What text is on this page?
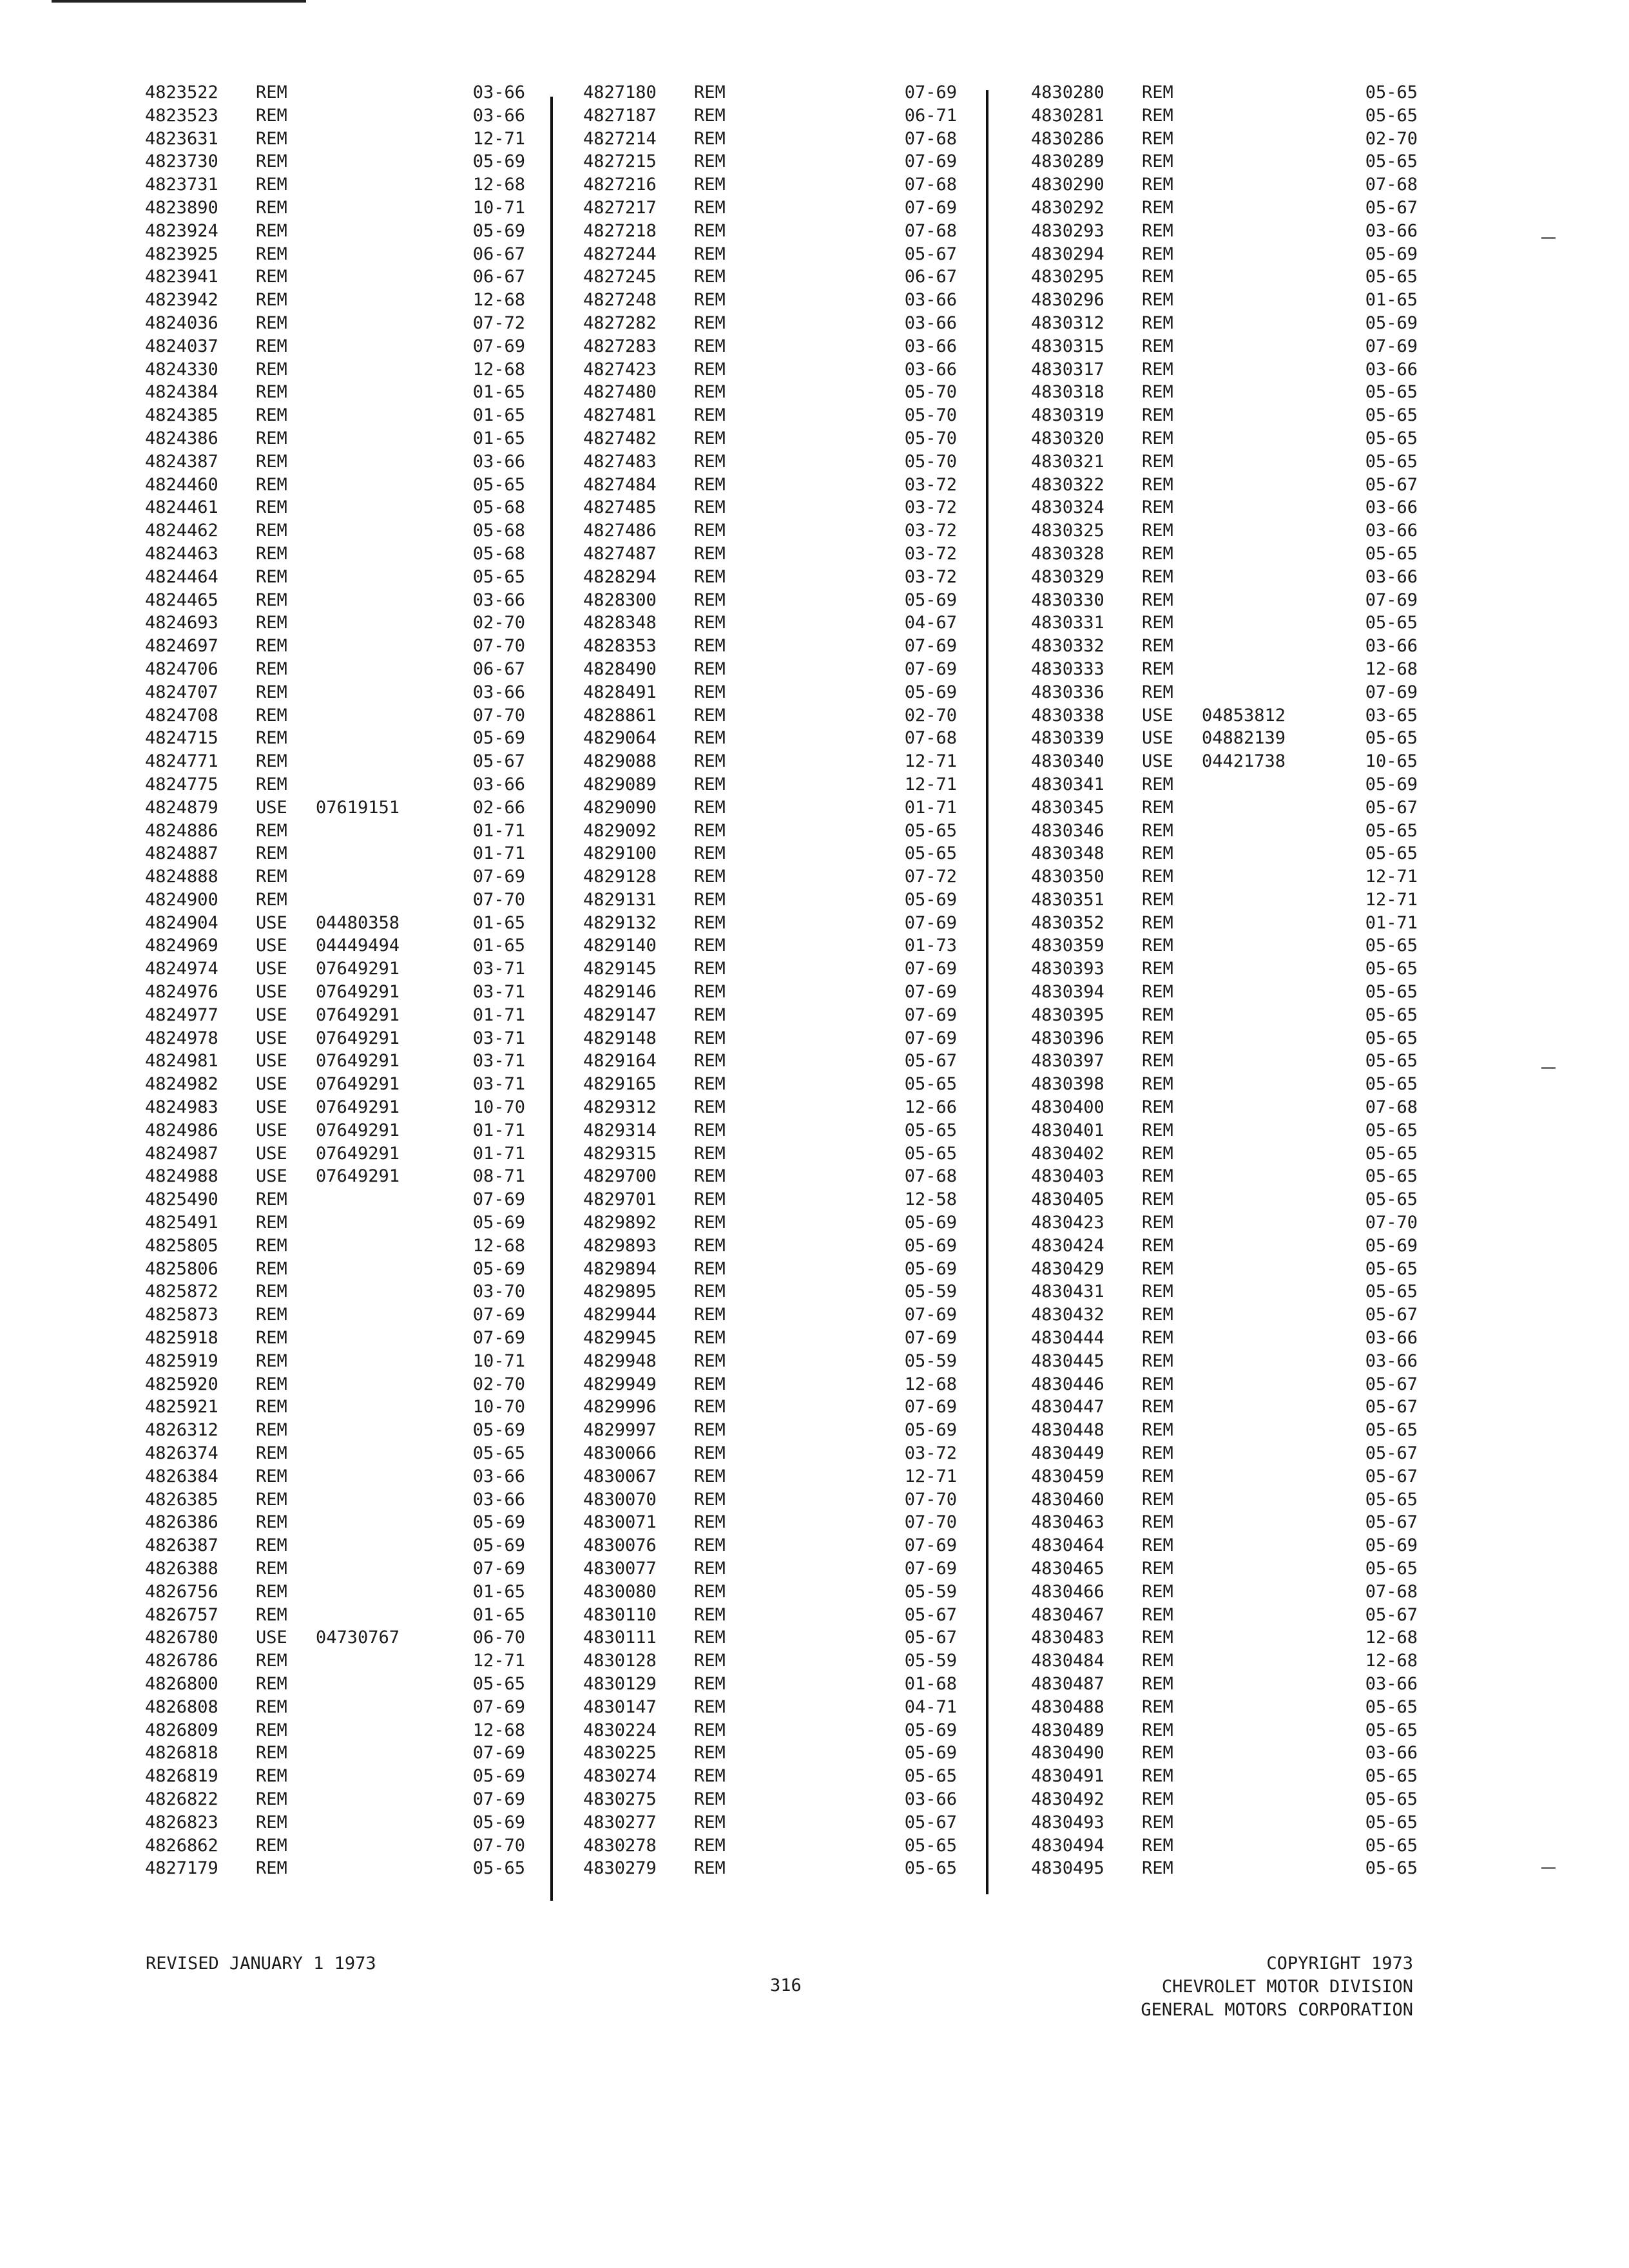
4823522 REM	03-66
4823523 REM	03-66
4823631 REM	12-71
4823730 REM	05-69
4823731 REM	12-68
4823890 REM	10-71
4823924 REM	05-69
4823925 REM	06-67
4823941 REM	06-67
4823942 REM	12-68
4824036 REM	07-72
4824037 REM	07-69
4824330 REM	12-68
4824384 REM	01-65
4824385 REM	01-65
4824386 REM	01-65
4824387 REM	03-66
4824460 REM	05-65
4824461 REM	05-68
4824462 REM	05-68
4824463 REM	05-68
4824464 REM	05-65
4824465 REM	03-66
4824693 REM	02-70
4824697 REM	07-70
4824706 REM	06-67
4824707 REM	03-66
4824708 REM	07-70
4824715 REM	05-69
4824771 REM	05-67
4824775 REM	03-66
4824879 USE 07619151	02-66
4824886 REM	01-71
4824887 REM	01-71
4824888 REM	07-69
4824900 REM	07-70
4824904 USE 04480358	01-65
4824969 USE 04449494	01-65
4824974 USE 07649291	03-71
4824976 USE 07649291	03-71
4824977 USE 07649291	01-71
4824978 USE 07649291	03-71
4824981 USE 07649291	03-71
4824982 USE 07649291	03-71
4824983 USE 07649291	10-70
4824986 USE 07649291	01-71
4824987 USE 07649291	01-71
4824988 USE 07649291	08-71
4825490 REM	07-69
4825491 REM	05-69
4825805 REM	12-68
4825806 REM	05-69
4825872 REM	03-70
4825873 REM	07-69
4825918 REM	07-69
4825919 REM	10-71
4825920 REM	02-70
4825921 REM	10-70
4826312 REM	05-69
4826374 REM	05-65
4826384 REM	03-66
4826385 REM	03-66
4826386 REM	05-69
4826387 REM	05-69
4826388 REM	07-69
4826756 REM	01-65
4826757 REM	01-65
4826780 USE 04730767	06-70
4826786 REM	12-71
4826800 REM	05-65
4826808 REM	07-69
4826809 REM	12-68
4826818 REM	07-69
4826819 REM	05-69
4826822 REM	07-69
4826823 REM	05-69
4826862 REM	07-70
4827179 REM	05-65
4827180 REM	07-69
4827187 REM	06-71
4827214 REM	07-68
4827215 REM	07-69
4827216 REM	07-68
4827217 REM	07-69
4827218 REM	07-68
4827244 REM	05-67
4827245 REM	06-67
4827248 REM	03-66
4827282 REM	03-66
4827283 REM	03-66
4827423 REM	03-66
4827480 REM	05-70
4827481 REM	05-70
4827482 REM	05-70
4827483 REM	05-70
4827484 REM	03-72
4827485 REM	03-72
4827486 REM	03-72
4827487 REM	03-72
4828294 REM	03-72
4828300 REM	05-69
4828348 REM	04-67
4828353 REM	07-69
4828490 REM	07-69
4828491 REM	05-69
4828861 REM	02-70
4829064 REM	07-68
4829088 REM	12-71
4829089 REM	12-71
4829090 REM	01-71
4829092 REM	05-65
4829100 REM	05-65
4829128 REM	07-72
4829131 REM	05-69
4829132 REM	07-69
4829140 REM	01-73
4829145 REM	07-69
4829146 REM	07-69
4829147 REM	07-69
4829148 REM	07-69
4829164 REM	05-67
4829165 REM	05-65
4829312 REM	12-66
4829314 REM	05-65
4829315 REM	05-65
4829700 REM	07-68
4829701 REM	12-58
4829892 REM	05-69
4829893 REM	05-69
4829894 REM	05-69
4829895 REM	05-59
4829944 REM	07-69
4829945 REM	07-69
4829948 REM	05-59
4829949 REM	12-68
4829996 REM	07-69
4829997 REM	05-69
4830066 REM	03-72
4830067 REM	12-71
4830070 REM	07-70
4830071 REM	07-70
4830076 REM	07-69
4830077 REM	07-69
4830080 REM	05-59
4830110 REM	05-67
4830111 REM	05-67
4830128 REM	05-59
4830129 REM	01-68
4830147 REM	04-71
4830224 REM	05-69
4830225 REM	05-69
4830274 REM	05-65
4830275 REM	03-66
4830277 REM	05-67
4830278 REM	05-65
4830279 REM	05-65
4830280 REM	05-65
4830281 REM	05-65
4830286 REM	02-70
4830289 REM	05-65
4830290 REM	07-68
4830292 REM	05-67
4830293 REM	03-66
4830294 REM	05-69
4830295 REM	05-65
4830296 REM	01-65
4830312 REM	05-69
4830315 REM	07-69
4830317 REM	03-66
4830318 REM	05-65
4830319 REM	05-65
4830320 REM	05-65
4830321 REM	05-65
4830322 REM	05-67
4830324 REM	03-66
4830325 REM	03-66
4830328 REM	05-65
4830329 REM	03-66
4830330 REM	07-69
4830331 REM	05-65
4830332 REM	03-66
4830333 REM	12-68
4830336 REM	07-69
4830338 USE 04853812	03-65
4830339 USE 04882139	05-65
4830340 USE 04421738	10-65
4830341 REM	05-69
4830345 REM	05-67
4830346 REM	05-65
4830348 REM	05-65
4830350 REM	12-71
4830351 REM	12-71
4830352 REM	01-71
4830359 REM	05-65
4830393 REM	05-65
4830394 REM	05-65
4830395 REM	05-65
4830396 REM	05-65
4830397 REM	05-65
4830398 REM	05-65
4830400 REM	07-68
4830401 REM	05-65
4830402 REM	05-65
4830403 REM	05-65
4830405 REM	05-65
4830423 REM	07-70
4830424 REM	05-69
4830429 REM	05-65
4830431 REM	05-65
4830432 REM	05-67
4830444 REM	03-66
4830445 REM	03-66
4830446 REM	05-67
4830447 REM	05-67
4830448 REM	05-65
4830449 REM	05-67
4830459 REM	05-67
4830460 REM	05-65
4830463 REM	05-67
4830464 REM	05-69
4830465 REM	05-65
4830466 REM	07-68
4830467 REM	05-67
4830483 REM	12-68
4830484 REM	12-68
4830487 REM	03-66
4830488 REM	05-65
4830489 REM	05-65
4830490 REM	03-66
4830491 REM	05-65
4830492 REM	05-65
4830493 REM	05-65
4830494 REM	05-65
4830495 REM	05-65
REVISED JANUARY 1 1973
316
COPYRIGHT 1973
CHEVROLET MOTOR DIVISION
GENERAL MOTORS CORPORATION
